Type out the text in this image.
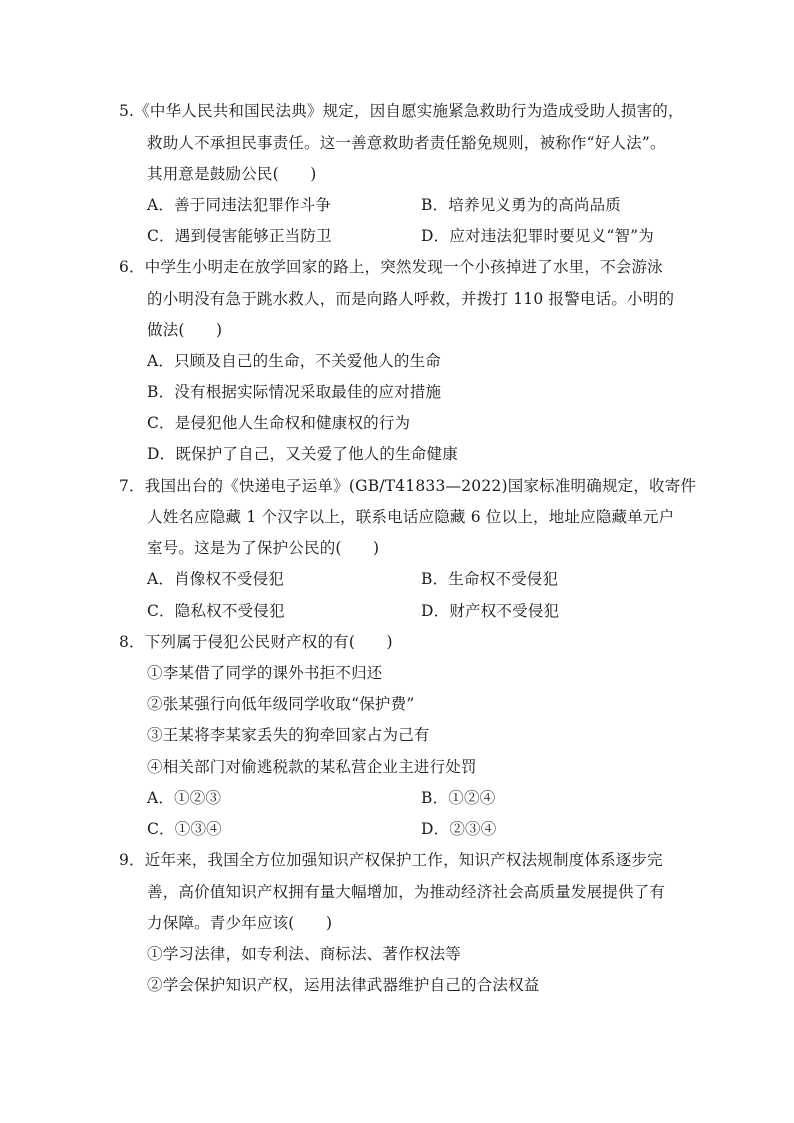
5.《中华人民共和国民法典》规定，因自愿实施紧急救助行为造成受助人损害的，
救助人不承担民事责任。这一善意救助者责任豁免规则，被称作“好人法”。
其用意是鼓励公民(　　)
A．善于同违法犯罪作斗争	B．培养见义勇为的高尚品质
C．遇到侵害能够正当防卫	D．应对违法犯罪时要见义“智”为
6．中学生小明走在放学回家的路上，突然发现一个小孩掉进了水里，不会游泳
的小明没有急于跳水救人，而是向路人呼救，并拨打 110 报警电话。小明的
做法(　　)
A．只顾及自己的生命，不关爱他人的生命
B．没有根据实际情况采取最佳的应对措施
C．是侵犯他人生命权和健康权的行为
D．既保护了自己，又关爱了他人的生命健康
7．我国出台的《快递电子运单》(GB/T41833—2022)国家标准明确规定，收寄件
人姓名应隐藏 1 个汉字以上，联系电话应隐藏 6 位以上，地址应隐藏单元户
室号。这是为了保护公民的(　　)
A．肖像权不受侵犯	B．生命权不受侵犯
C．隐私权不受侵犯	D．财产权不受侵犯
8．下列属于侵犯公民财产权的有(　　)
①李某借了同学的课外书拒不归还
②张某强行向低年级同学收取“保护费”
③王某将李某家丢失的狗牵回家占为己有
④相关部门对偷逃税款的某私营企业主进行处罚
A．①②③	B．①②④
C．①③④	D．②③④
9．近年来，我国全方位加强知识产权保护工作，知识产权法规制度体系逐步完
善，高价值知识产权拥有量大幅增加，为推动经济社会高质量发展提供了有
力保障。青少年应该(　　)
①学习法律，如专利法、商标法、著作权法等
②学会保护知识产权，运用法律武器维护自己的合法权益
